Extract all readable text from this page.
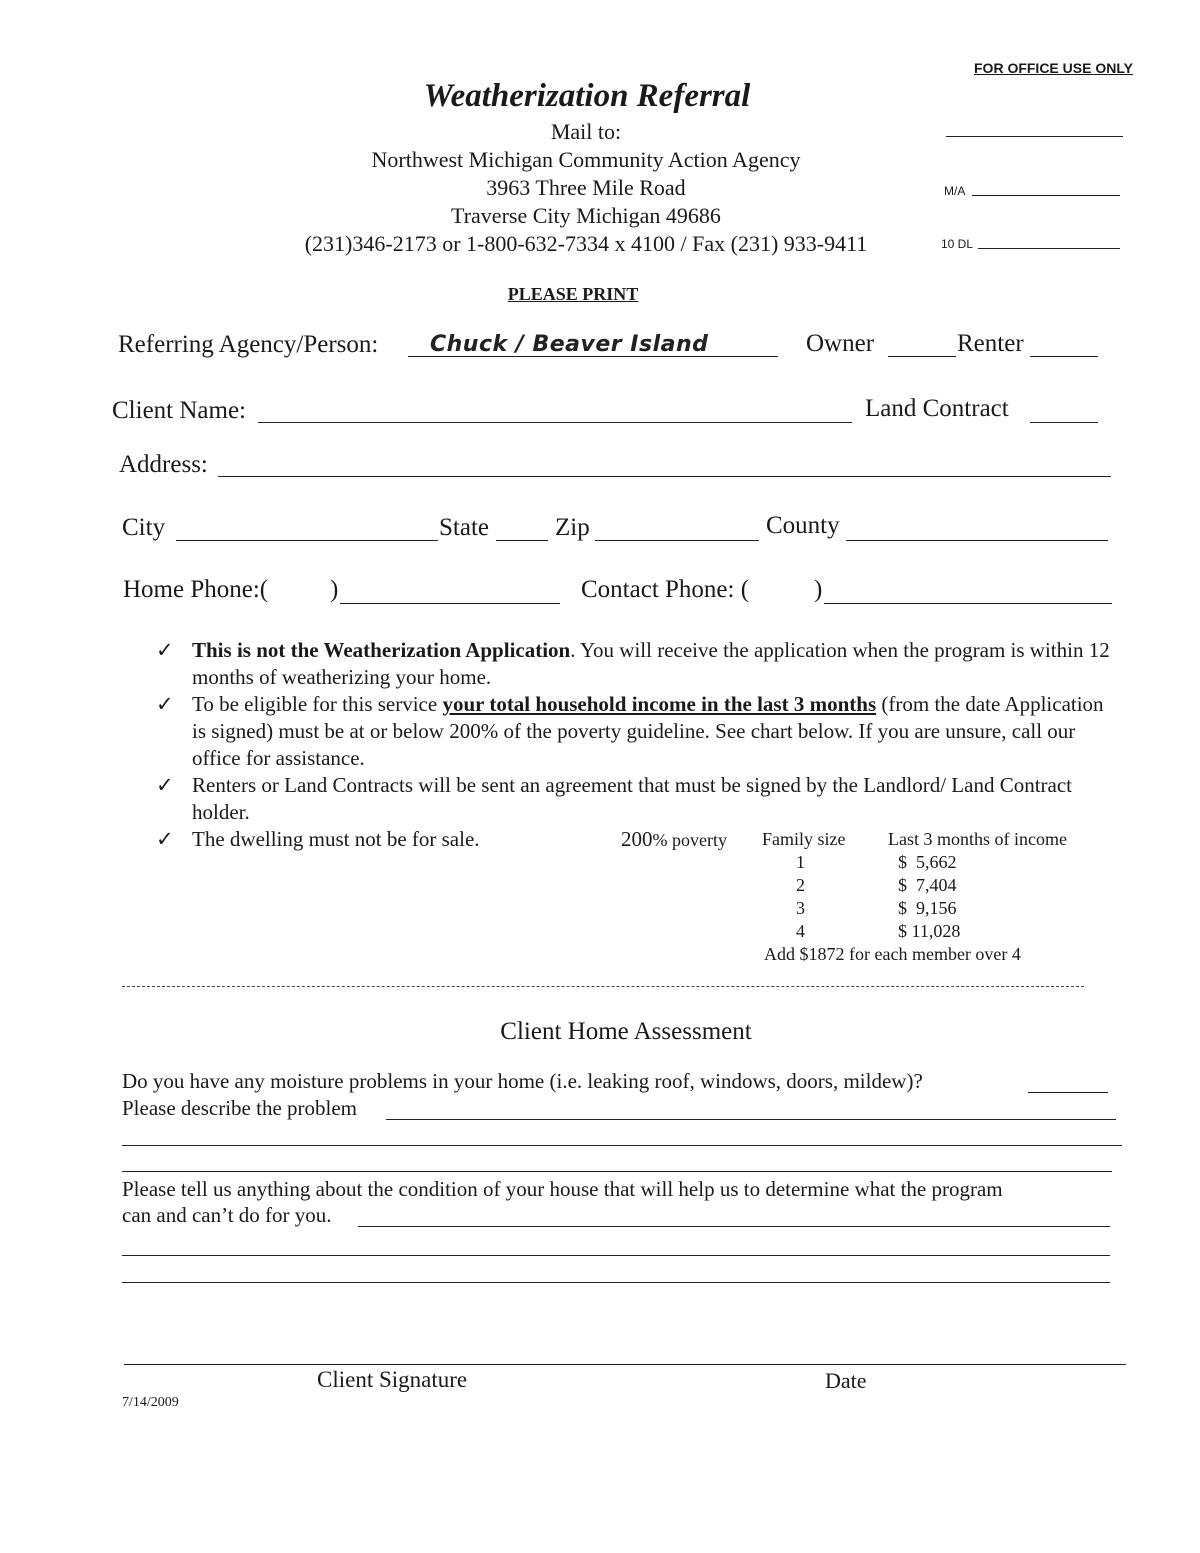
FOR OFFICE USE ONLY
M/A
10 DL
Weatherization Referral
Mail to:
Northwest Michigan Community Action Agency
3963 Three Mile Road
Traverse City Michigan 49686
(231)346-2173 or 1-800-632-7334 x 4100 / Fax (231) 933-9411
PLEASE PRINT
Referring Agency/Person: Chuck / Beaver Island	Owner	Renter
Client Name:	Land Contract
Address:
City	State	Zip	County
Home Phone:( )	Contact Phone: (	)
✓ This is not the Weatherization Application. You will receive the application when the program is within 12 months of weatherizing your home.
✓ To be eligible for this service your total household income in the last 3 months (from the date Application is signed) must be at or below 200% of the poverty guideline. See chart below. If you are unsure, call our office for assistance.
✓ Renters or Land Contracts will be sent an agreement that must be signed by the Landlord/ Land Contract holder.
✓ The dwelling must not be for sale.	200% poverty Family size Last 3 months of income
1	$  5,662
2	$  7,404
3	$  9,156
4	$ 11,028
Add $1872 for each member over 4
Client Home Assessment
Do you have any moisture problems in your home (i.e. leaking roof, windows, doors, mildew)?
Please describe the problem
Please tell us anything about the condition of your house that will help us to determine what the program
can and can’t do for you.
Client Signature	Date
7/14/2009
